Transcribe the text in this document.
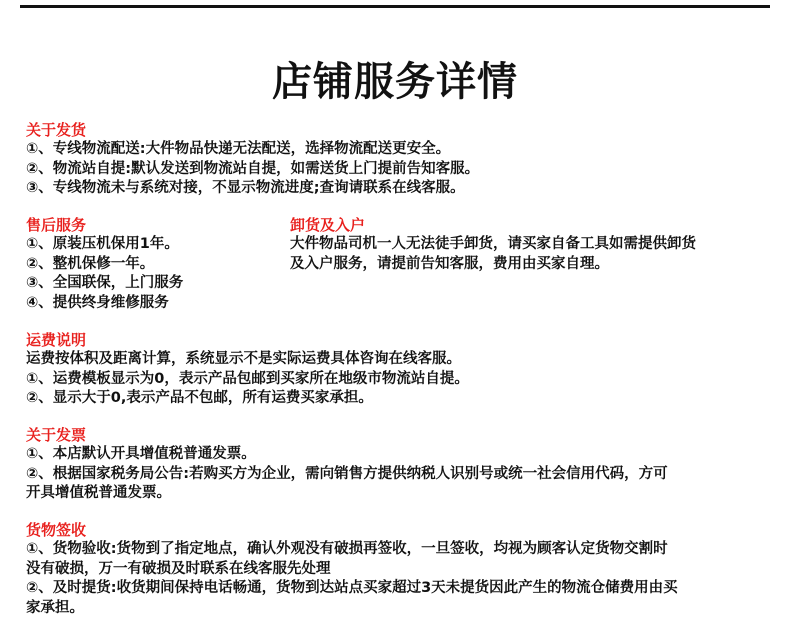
店铺服务详情
关于发货
①、专线物流配送:大件物品快递无法配送，选择物流配送更安全。
②、物流站自提:默认发送到物流站自提，如需送货上门提前告知客服。
③、专线物流未与系统对接，不显示物流进度;查询请联系在线客服。
售后服务
①、原装压机保用1年。
②、整机保修一年。
③、全国联保，上门服务
④、提供终身维修服务
卸货及入户
大件物品司机一人无法徒手卸货，请买家自备工具如需提供卸货
及入户服务，请提前告知客服，费用由买家自理。
运费说明
运费按体积及距离计算，系统显示不是实际运费具体咨询在线客服。
①、运费模板显示为0，表示产品包邮到买家所在地级市物流站自提。
②、显示大于0,表示产品不包邮，所有运费买家承担。
关于发票
①、本店默认开具增值税普通发票。
②、根据国家税务局公告:若购买方为企业，需向销售方提供纳税人识别号或统一社会信用代码，方可
开具增值税普通发票。
货物签收
①、货物验收:货物到了指定地点，确认外观没有破损再签收，一旦签收，均视为顾客认定货物交割时
没有破损，万一有破损及时联系在线客服先处理
②、及时提货:收货期间保持电话畅通，货物到达站点买家超过3天未提货因此产生的物流仓储费用由买
家承担。
